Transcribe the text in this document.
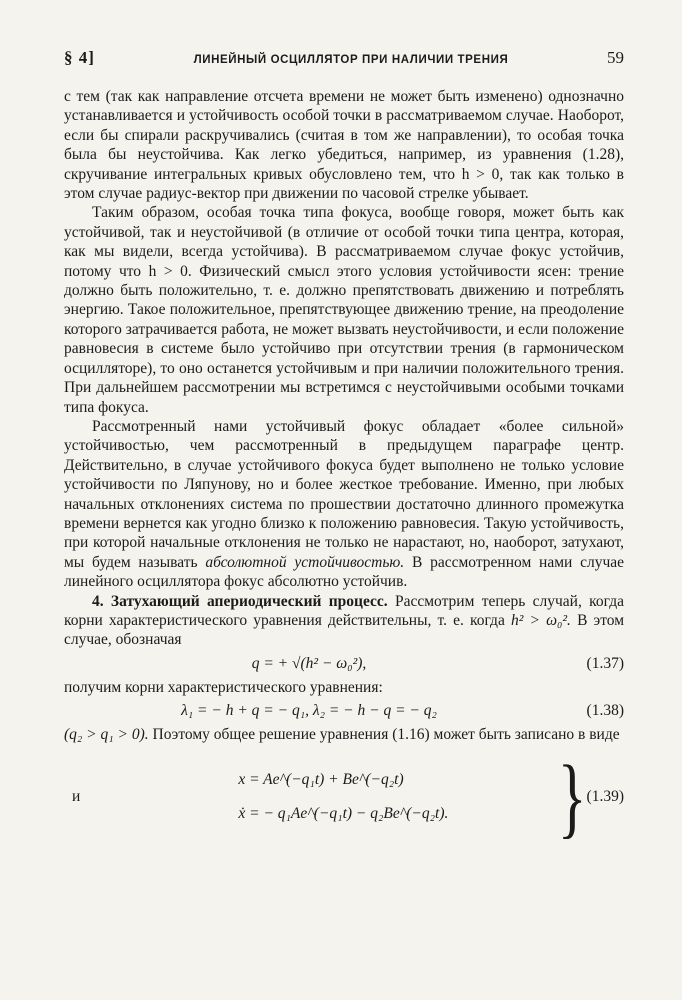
§ 4]	ЛИНЕЙНЫЙ ОСЦИЛЛЯТОР ПРИ НАЛИЧИИ ТРЕНИЯ	59

с тем (так как направление отсчета времени не может быть изменено) однозначно устанавливается и устойчивость особой точки в рассматриваемом случае. Наоборот, если бы спирали раскручивались (считая в том же направлении), то особая точка была бы неустойчива. Как легко убедиться, например, из уравнения (1.28), скручивание интегральных кривых обусловлено тем, что h > 0, так как только в этом случае радиус-вектор при движении по часовой стрелке убывает.

Таким образом, особая точка типа фокуса, вообще говоря, может быть как устойчивой, так и неустойчивой (в отличие от особой точки типа центра, которая, как мы видели, всегда устойчива). В рассматриваемом случае фокус устойчив, потому что h > 0. Физический смысл этого условия устойчивости ясен: трение должно быть положительно, т. е. должно препятствовать движению и потреблять энергию. Такое положительное, препятствующее движению трение, на преодоление которого затрачивается работа, не может вызвать неустойчивости, и если положение равновесия в системе было устойчиво при отсутствии трения (в гармоническом осцилляторе), то оно останется устойчивым и при наличии положительного трения. При дальнейшем рассмотрении мы встретимся с неустойчивыми особыми точками типа фокуса.

Рассмотренный нами устойчивый фокус обладает «более сильной» устойчивостью, чем рассмотренный в предыдущем параграфе центр. Действительно, в случае устойчивого фокуса будет выполнено не только условие устойчивости по Ляпунову, но и более жесткое требование. Именно, при любых начальных отклонениях система по прошествии достаточно длинного промежутка времени вернется как угодно близко к положению равновесия. Такую устойчивость, при которой начальные отклонения не только не нарастают, но, наоборот, затухают, мы будем называть абсолютной устойчивостью. В рассмотренном нами случае линейного осциллятора фокус абсолютно устойчив.

4. Затухающий апериодический процесс. Рассмотрим теперь случай, когда корни характеристического уравнения действительны, т. е. когда h² > ω₀². В этом случае, обозначая

q = + √(h² − ω₀²),	(1.37)

получим корни характеристического уравнения:

λ₁ = − h + q = − q₁, λ₂ = − h − q = − q₂	(1.38)

(q₂ > q₁ > 0). Поэтому общее решение уравнения (1.16) может быть записано в виде

и
x = Ae^(−q₁t) + Be^(−q₂t)
ẋ = − q₁Ae^(−q₁t) − q₂Be^(−q₂t).	} (1.39)
